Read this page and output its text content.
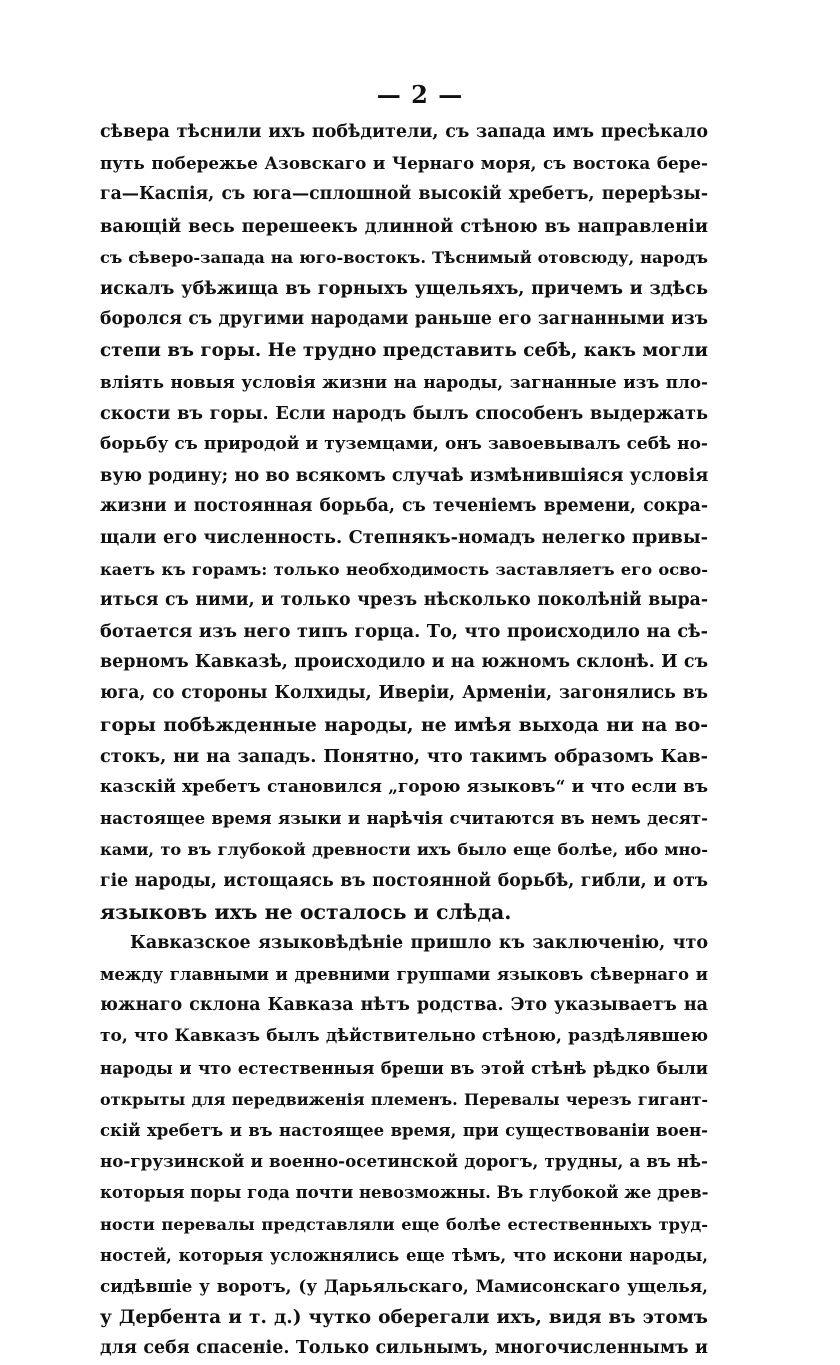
— 2 —
сѣвера тѣснили ихъ побѣдители, съ запада имъ пресѣкало
путь побережье Азовскаго и Чернаго моря, съ востока бере-
га—Каспія, съ юга—сплошной высокій хребетъ, перерѣзы-
вающій весь перешеекъ длинной стѣною въ направленіи
съ сѣверо-запада на юго-востокъ. Тѣснимый отовсюду, народъ
искалъ убѣжища въ горныхъ ущельяхъ, причемъ и здѣсь
боролся съ другими народами раньше его загнанными изъ
степи въ горы. Не трудно представить себѣ, какъ могли
вліять новыя условія жизни на народы, загнанные изъ пло-
скости въ горы. Если народъ былъ способенъ выдержать
борьбу съ природой и туземцами, онъ завоевывалъ себѣ но-
вую родину; но во всякомъ случаѣ измѣнившіяся условія
жизни и постоянная борьба, съ теченіемъ времени, сокра-
щали его численность. Степнякъ-номадъ нелегко привы-
каетъ къ горамъ: только необходимость заставляетъ его осво-
иться съ ними, и только чрезъ нѣсколько поколѣній выра-
ботается изъ него типъ горца. То, что происходило на сѣ-
верномъ Кавказѣ, происходило и на южномъ склонѣ. И съ
юга, со стороны Колхиды, Иверіи, Арменіи, загонялись въ
горы побѣжденные народы, не имѣя выхода ни на во-
стокъ, ни на западъ. Понятно, что такимъ образомъ Кав-
казскій хребетъ становился „горою языковъ“ и что если въ
настоящее время языки и нарѣчія считаются въ немъ десят-
ками, то въ глубокой древности ихъ было еще болѣе, ибо мно-
гіе народы, истощаясь въ постоянной борьбѣ, гибли, и отъ
языковъ ихъ не осталось и слѣда.
Кавказское языковѣдѣніе пришло къ заключенію, что
между главными и древними группами языковъ сѣвернаго и
южнаго склона Кавказа нѣтъ родства. Это указываетъ на
то, что Кавказъ былъ дѣйствительно стѣною, раздѣлявшею
народы и что естественныя бреши въ этой стѣнѣ рѣдко были
открыты для передвиженія племенъ. Перевалы черезъ гигант-
скій хребетъ и въ настоящее время, при существованіи воен-
но-грузинской и военно-осетинской дорогъ, трудны, а въ нѣ-
которыя поры года почти невозможны. Въ глубокой же древ-
ности перевалы представляли еще болѣе естественныхъ труд-
ностей, которыя усложнялись еще тѣмъ, что искони народы,
сидѣвшіе у воротъ, (у Дарьяльскаго, Мамисонскаго ущелья,
у Дербента и т. д.) чутко оберегали ихъ, видя въ этомъ
для себя спасеніе. Только сильнымъ, многочисленнымъ и
